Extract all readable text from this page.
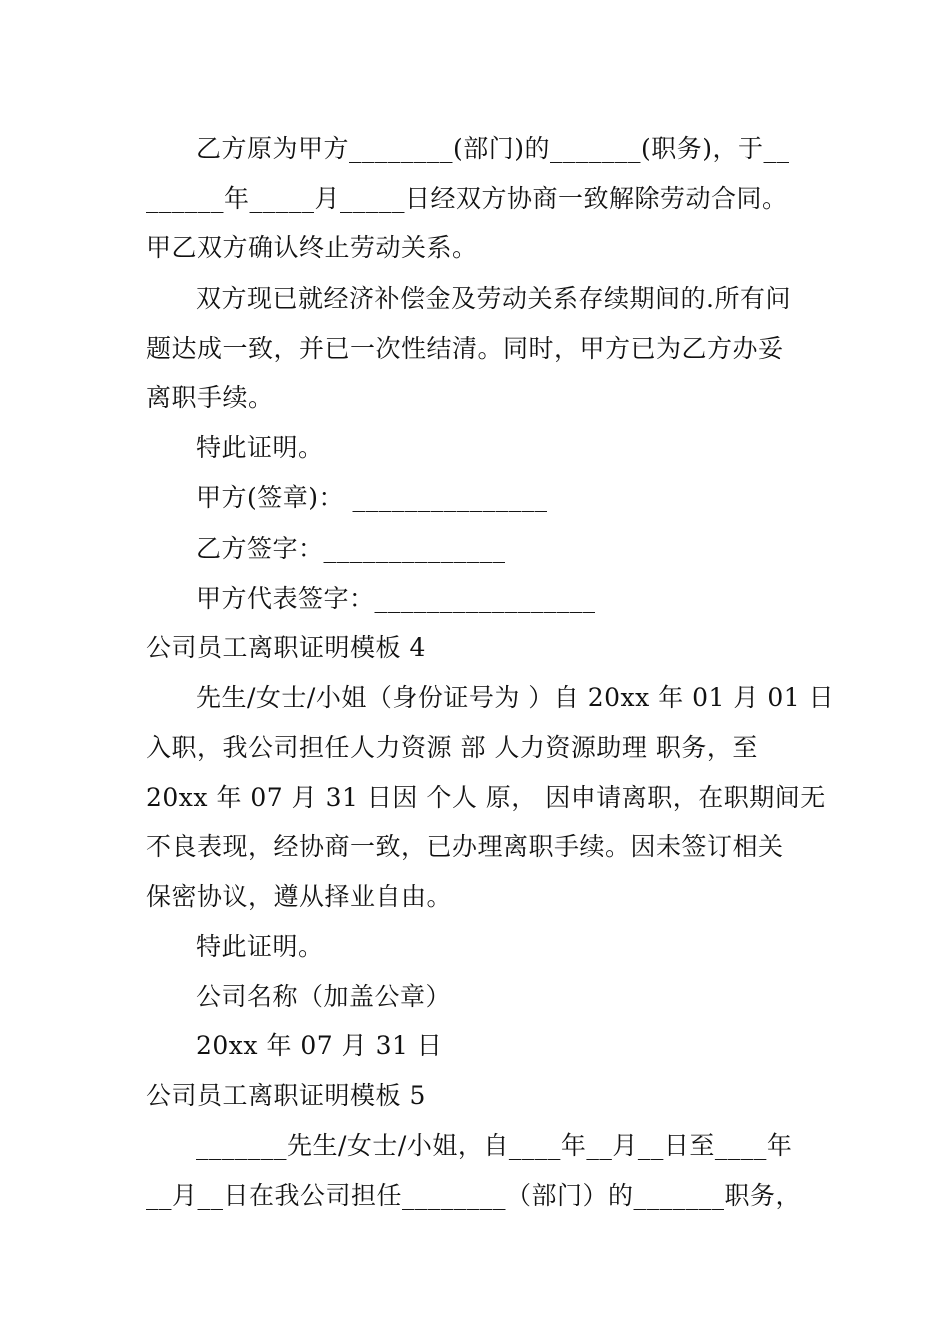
乙方原为甲方________(部门)的_______(职务)，于__
______年_____月_____日经双方协商一致解除劳动合同。
甲乙双方确认终止劳动关系。
双方现已就经济补偿金及劳动关系存续期间的.所有问
题达成一致，并已一次性结清。同时，甲方已为乙方办妥
离职手续。
特此证明。
甲方(签章)： _______________
乙方签字：______________
甲方代表签字：_________________
公司员工离职证明模板 4
先生/女士/小姐（身份证号为 ）自 20xx 年 01 月 01 日
入职，我公司担任人力资源 部 人力资源助理 职务，至
20xx 年 07 月 31 日因 个人 原， 因申请离职，在职期间无
不良表现，经协商一致，已办理离职手续。因未签订相关
保密协议，遵从择业自由。
特此证明。
公司名称（加盖公章）
20xx 年 07 月 31 日
公司员工离职证明模板 5
_______先生/女士/小姐，自____年__月__日至____年
__月__日在我公司担任________（部门）的_______职务，
